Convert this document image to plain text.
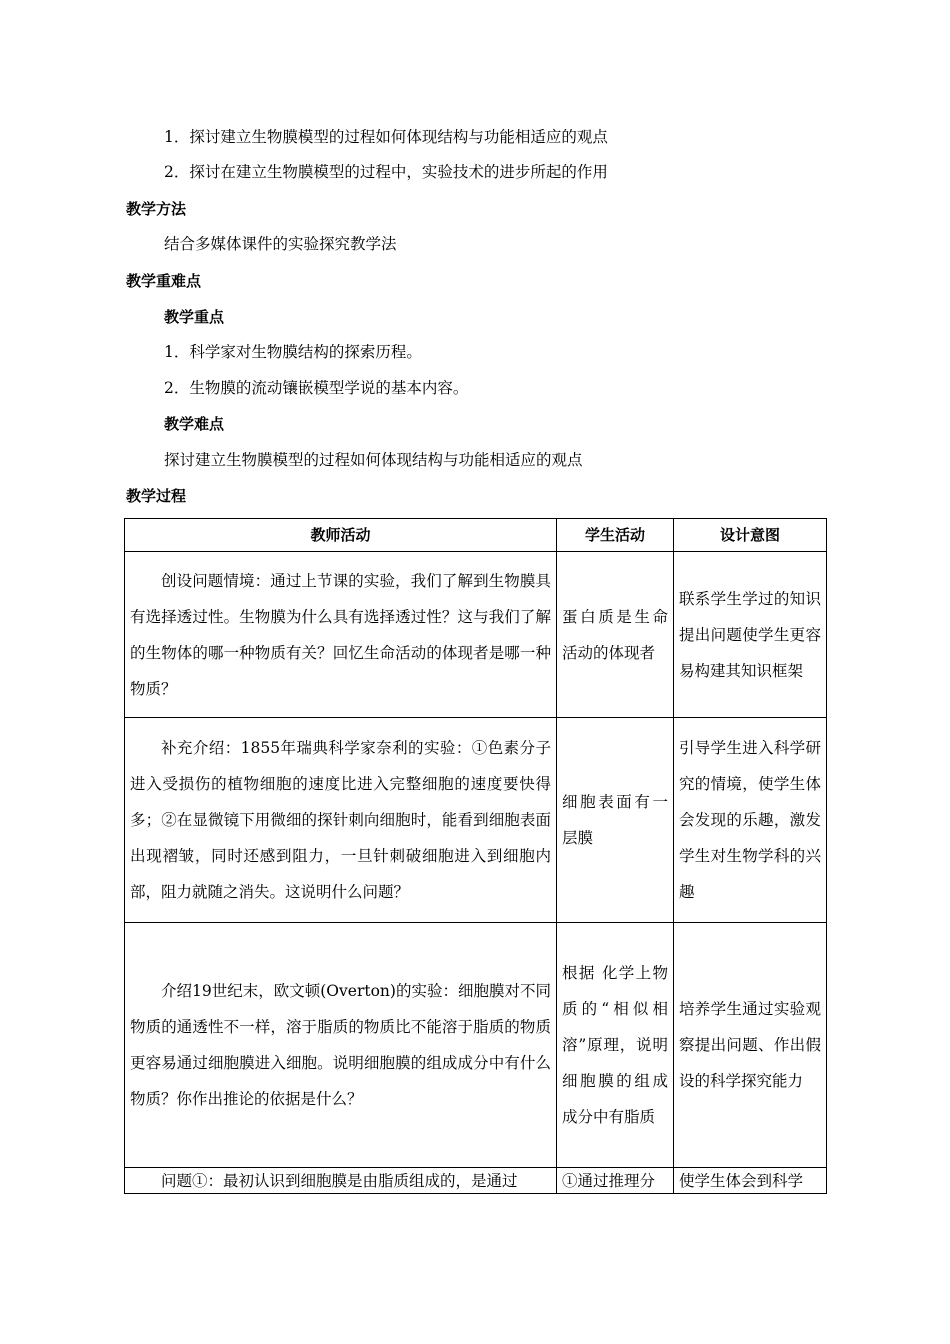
1．探讨建立生物膜模型的过程如何体现结构与功能相适应的观点
2．探讨在建立生物膜模型的过程中，实验技术的进步所起的作用
教学方法
结合多媒体课件的实验探究教学法
教学重难点
教学重点
1．科学家对生物膜结构的探索历程。
2．生物膜的流动镶嵌模型学说的基本内容。
教学难点
探讨建立生物膜模型的过程如何体现结构与功能相适应的观点
教学过程
教师活动	学生活动	设计意图
创设问题情境：通过上节课的实验，我们了解到生物膜具有选择透过性。生物膜为什么具有选择透过性？这与我们了解的生物体的哪一种物质有关？回忆生命活动的体现者是哪一种物质？	蛋白质是生命活动的体现者	联系学生学过的知识提出问题使学生更容易构建其知识框架
补充介绍：1855年瑞典科学家奈利的实验：①色素分子进入受损伤的植物细胞的速度比进入完整细胞的速度要快得多；②在显微镜下用微细的探针刺向细胞时，能看到细胞表面出现褶皱，同时还感到阻力，一旦针刺破细胞进入到细胞内部，阻力就随之消失。这说明什么问题？	细胞表面有一层膜	引导学生进入科学研究的情境，使学生体会发现的乐趣，激发学生对生物学科的兴趣
介绍19世纪末，欧文顿(Overton)的实验：细胞膜对不同物质的通透性不一样，溶于脂质的物质比不能溶于脂质的物质更容易通过细胞膜进入细胞。说明细胞膜的组成成分中有什么物质？你作出推论的依据是什么？	根据 化学上物质的“相似相溶”原理，说明细胞膜的组成成分中有脂质	培养学生通过实验观察提出问题、作出假设的科学探究能力

问题①：最初认识到细胞膜是由脂质组成的，是通过	①通过推理分	使学生体会到科学
